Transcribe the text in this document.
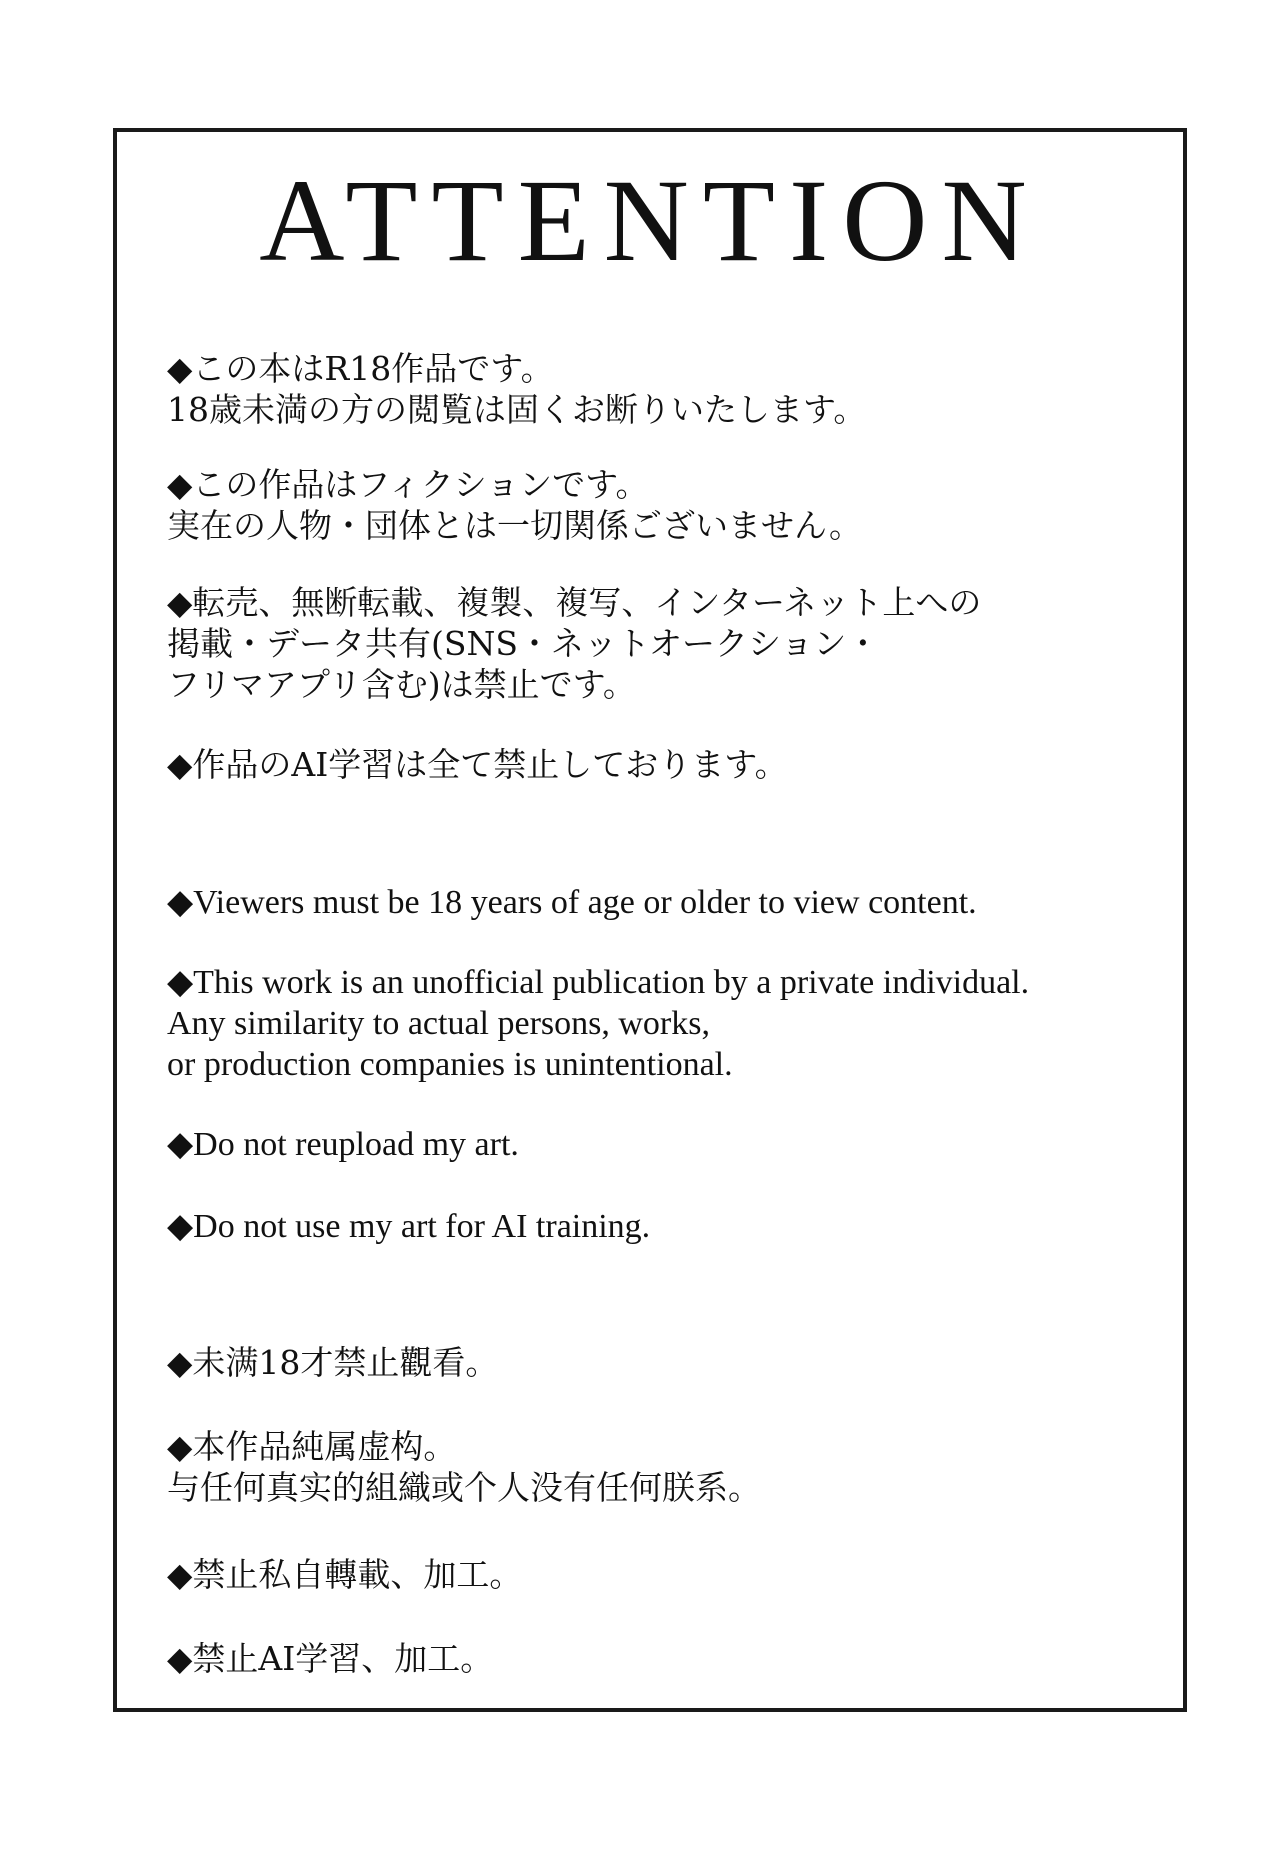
ATTENTION
◆この本はR18作品です。
18歳未満の方の閲覧は固くお断りいたします。
◆この作品はフィクションです。
実在の人物・団体とは一切関係ございません。
◆転売、無断転載、複製、複写、インターネット上への
掲載・データ共有(SNS・ネットオークション・
フリマアプリ含む)は禁止です。
◆作品のAI学習は全て禁止しております。
◆Viewers must be 18 years of age or older to view content.
◆This work is an unofficial publication by a private individual.
Any similarity to actual persons, works,
or production companies is unintentional.
◆Do not reupload my art.
◆Do not use my art for AI training.
◆未满18才禁止觀看。
◆本作品純属虚构。
与任何真实的組織或个人没有任何朕系。
◆禁止私自轉載、加工。
◆禁止AI学習、加工。
